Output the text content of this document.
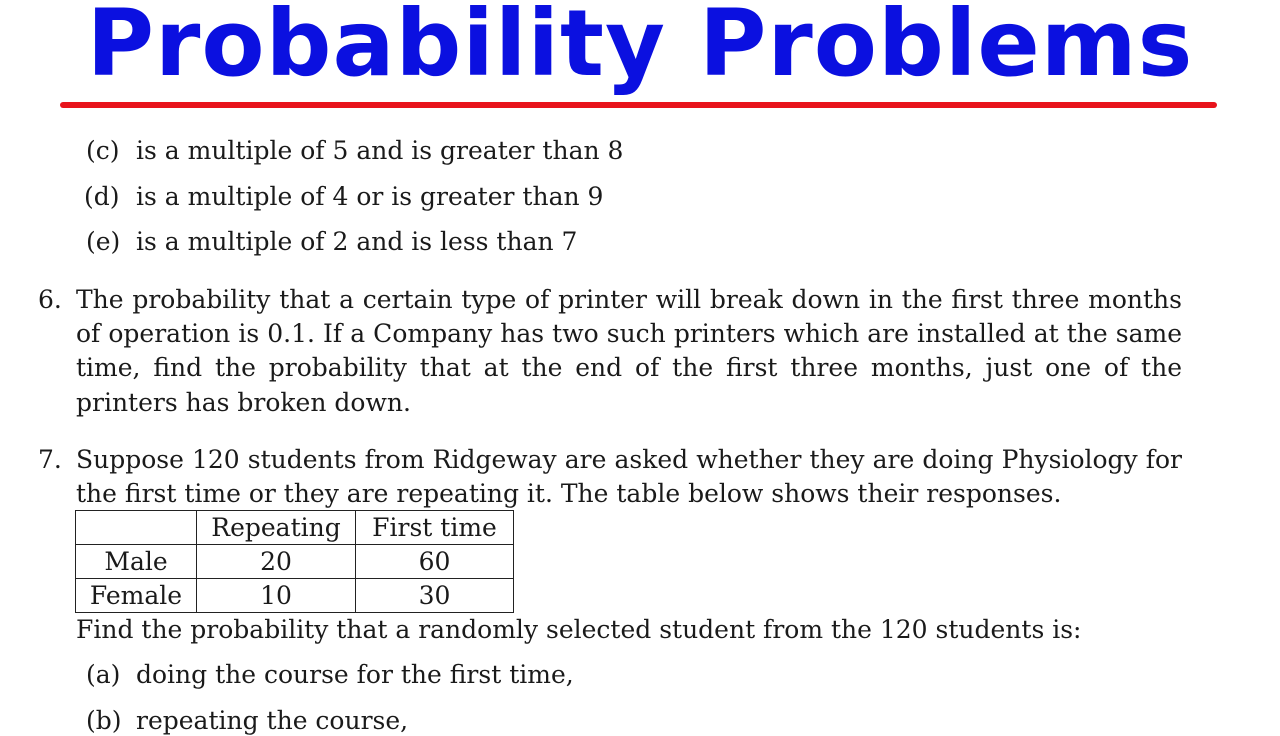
Probability Problems
(c) is a multiple of 5 and is greater than 8
(d) is a multiple of 4 or is greater than 9
(e) is a multiple of 2 and is less than 7
6. The probability that a certain type of printer will break down in the first three months
of operation is 0.1. If a Company has two such printers which are installed at the same
time, find the probability that at the end of the first three months, just one of the
printers has broken down.
7. Suppose 120 students from Ridgeway are asked whether they are doing Physiology for
the first time or they are repeating it. The table below shows their responses.
	Repeating	First time
Male	20	60
Female	10	30
Find the probability that a randomly selected student from the 120 students is:
(a) doing the course for the first time,
(b) repeating the course,
